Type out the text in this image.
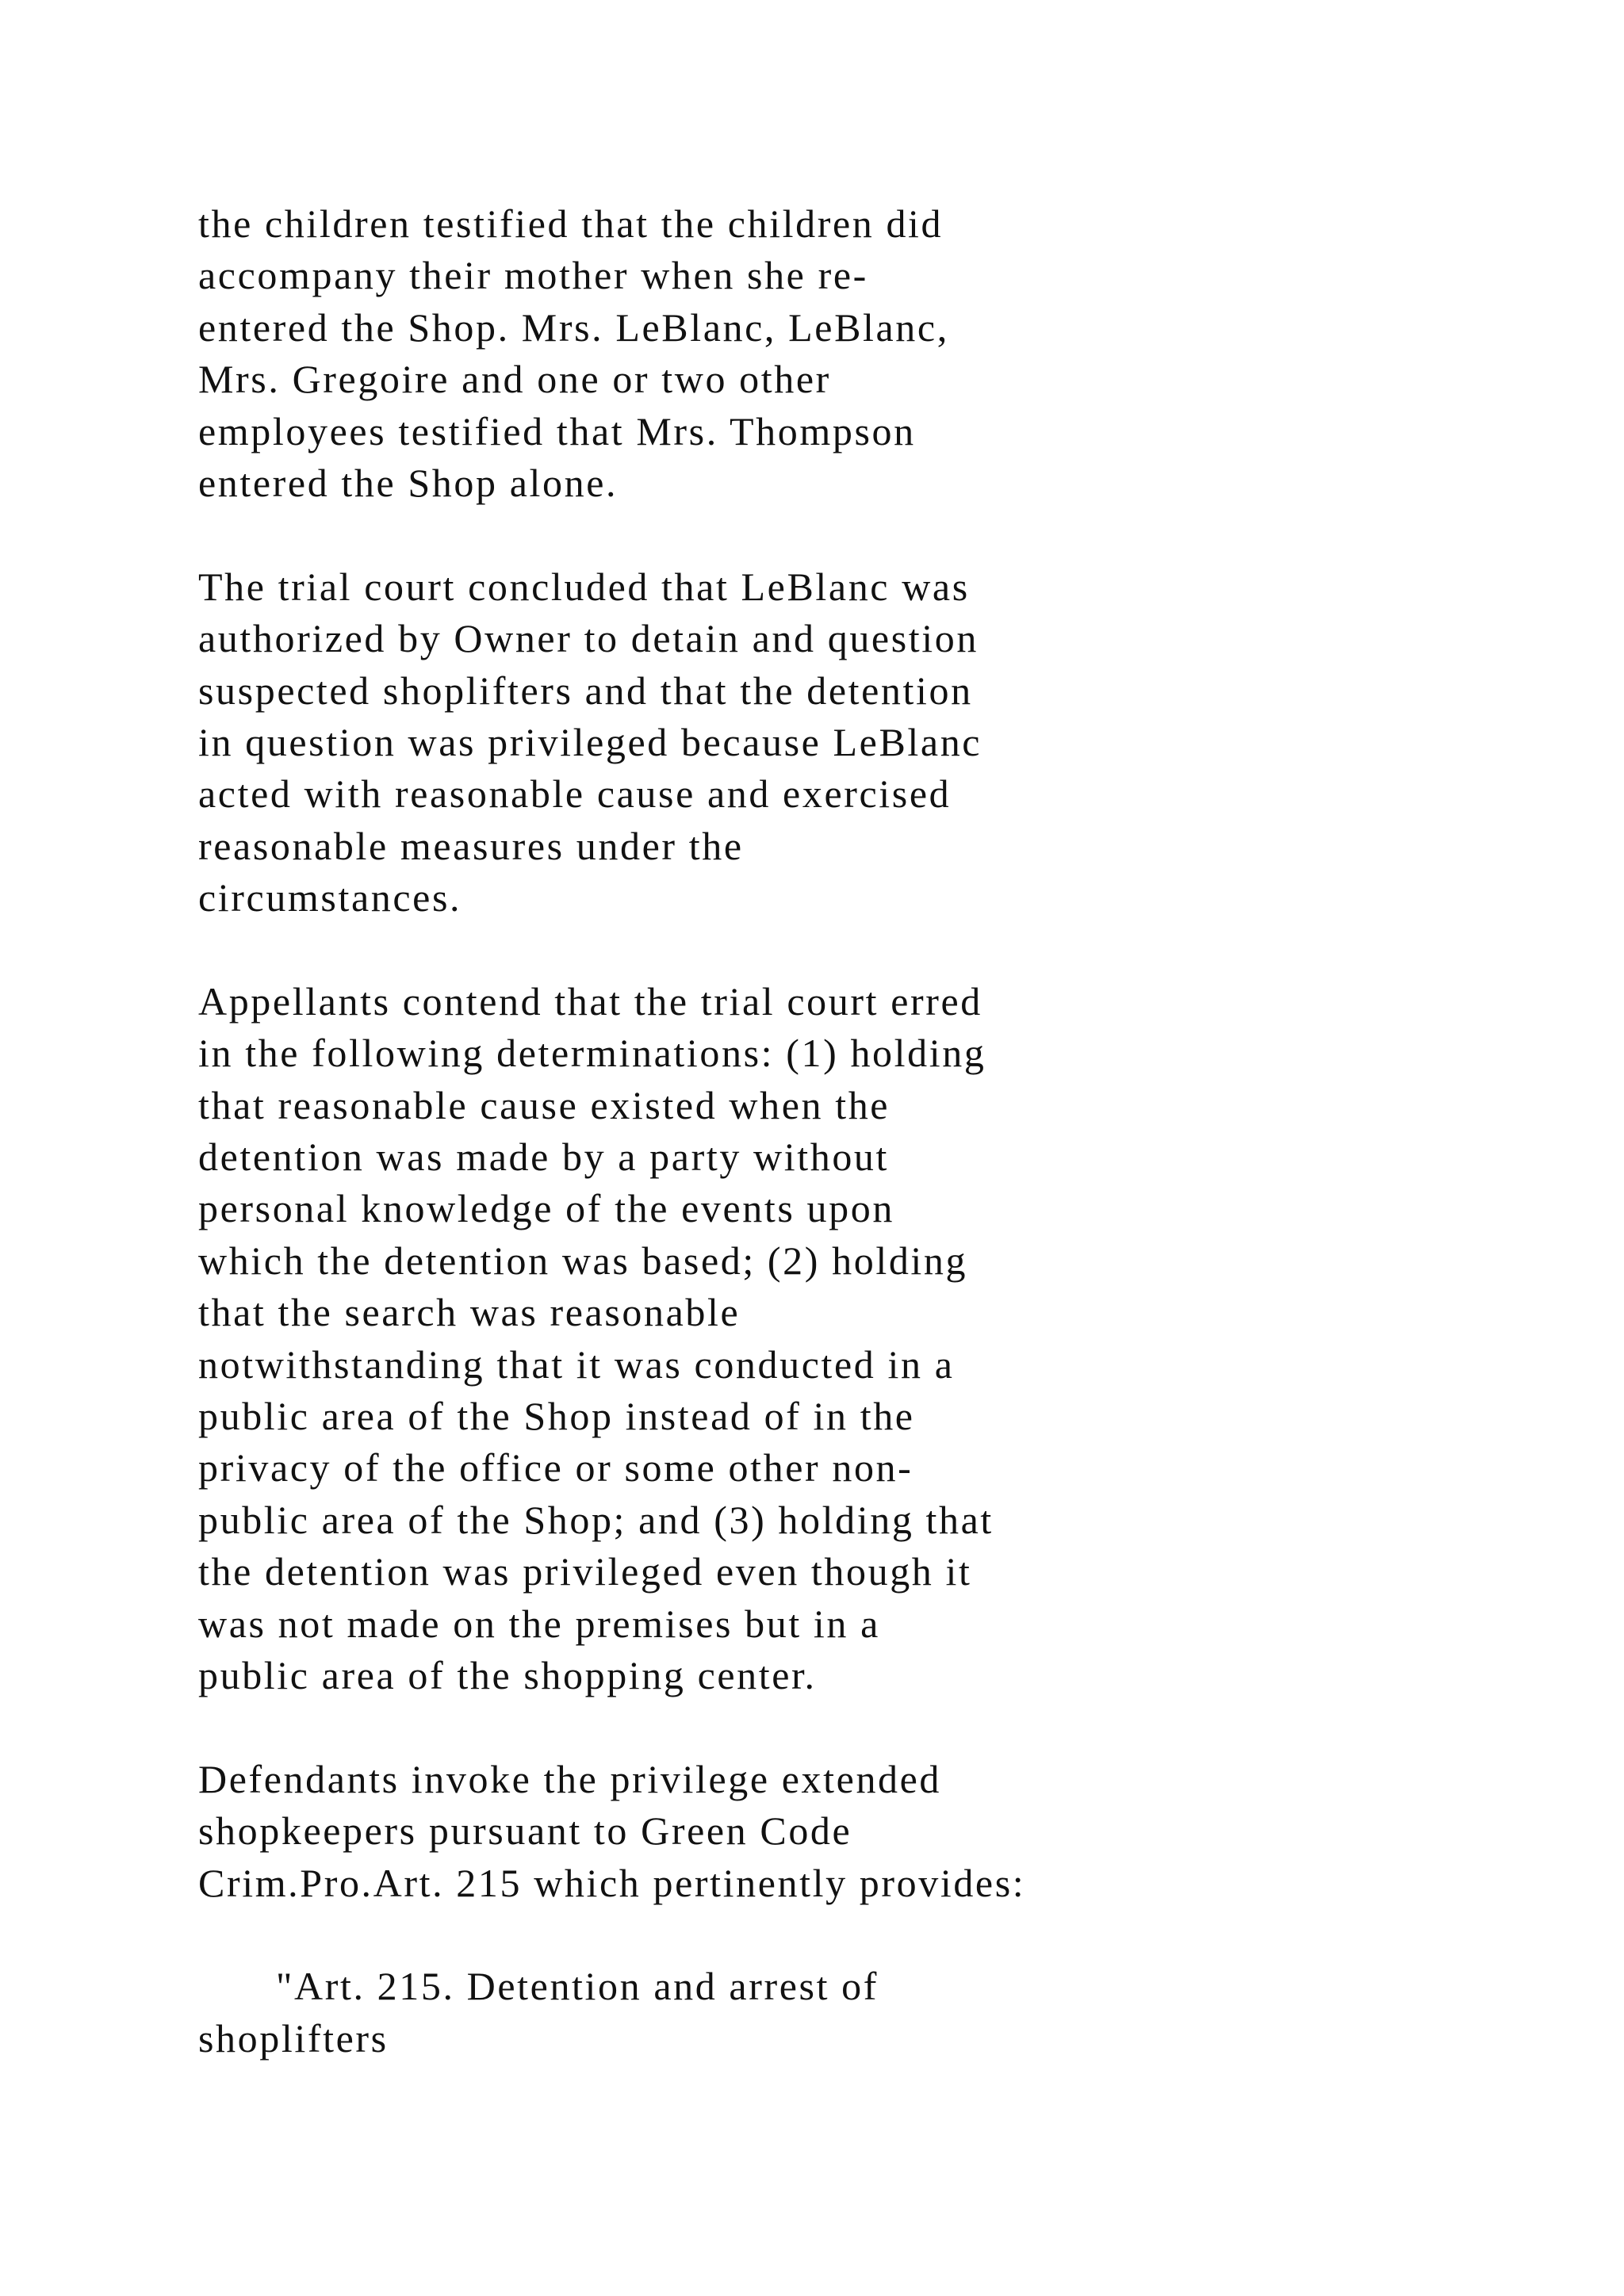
the children testified that the children did
accompany their mother when she re-
entered the Shop. Mrs. LeBlanc, LeBlanc,
Mrs. Gregoire and one or two other
employees testified that Mrs. Thompson
entered the Shop alone.
The trial court concluded that LeBlanc was
authorized by Owner to detain and question
suspected shoplifters and that the detention
in question was privileged because LeBlanc
acted with reasonable cause and exercised
reasonable measures under the
circumstances.
Appellants contend that the trial court erred
in the following determinations: (1) holding
that reasonable cause existed when the
detention was made by a party without
personal knowledge of the events upon
which the detention was based; (2) holding
that the search was reasonable
notwithstanding that it was conducted in a
public area of the Shop instead of in the
privacy of the office or some other non-
public area of the Shop; and (3) holding that
the detention was privileged even though it
was not made on the premises but in a
public area of the shopping center.
Defendants invoke the privilege extended
shopkeepers pursuant to Green Code
Crim.Pro.Art. 215 which pertinently provides:
"Art. 215. Detention and arrest of
shoplifters
